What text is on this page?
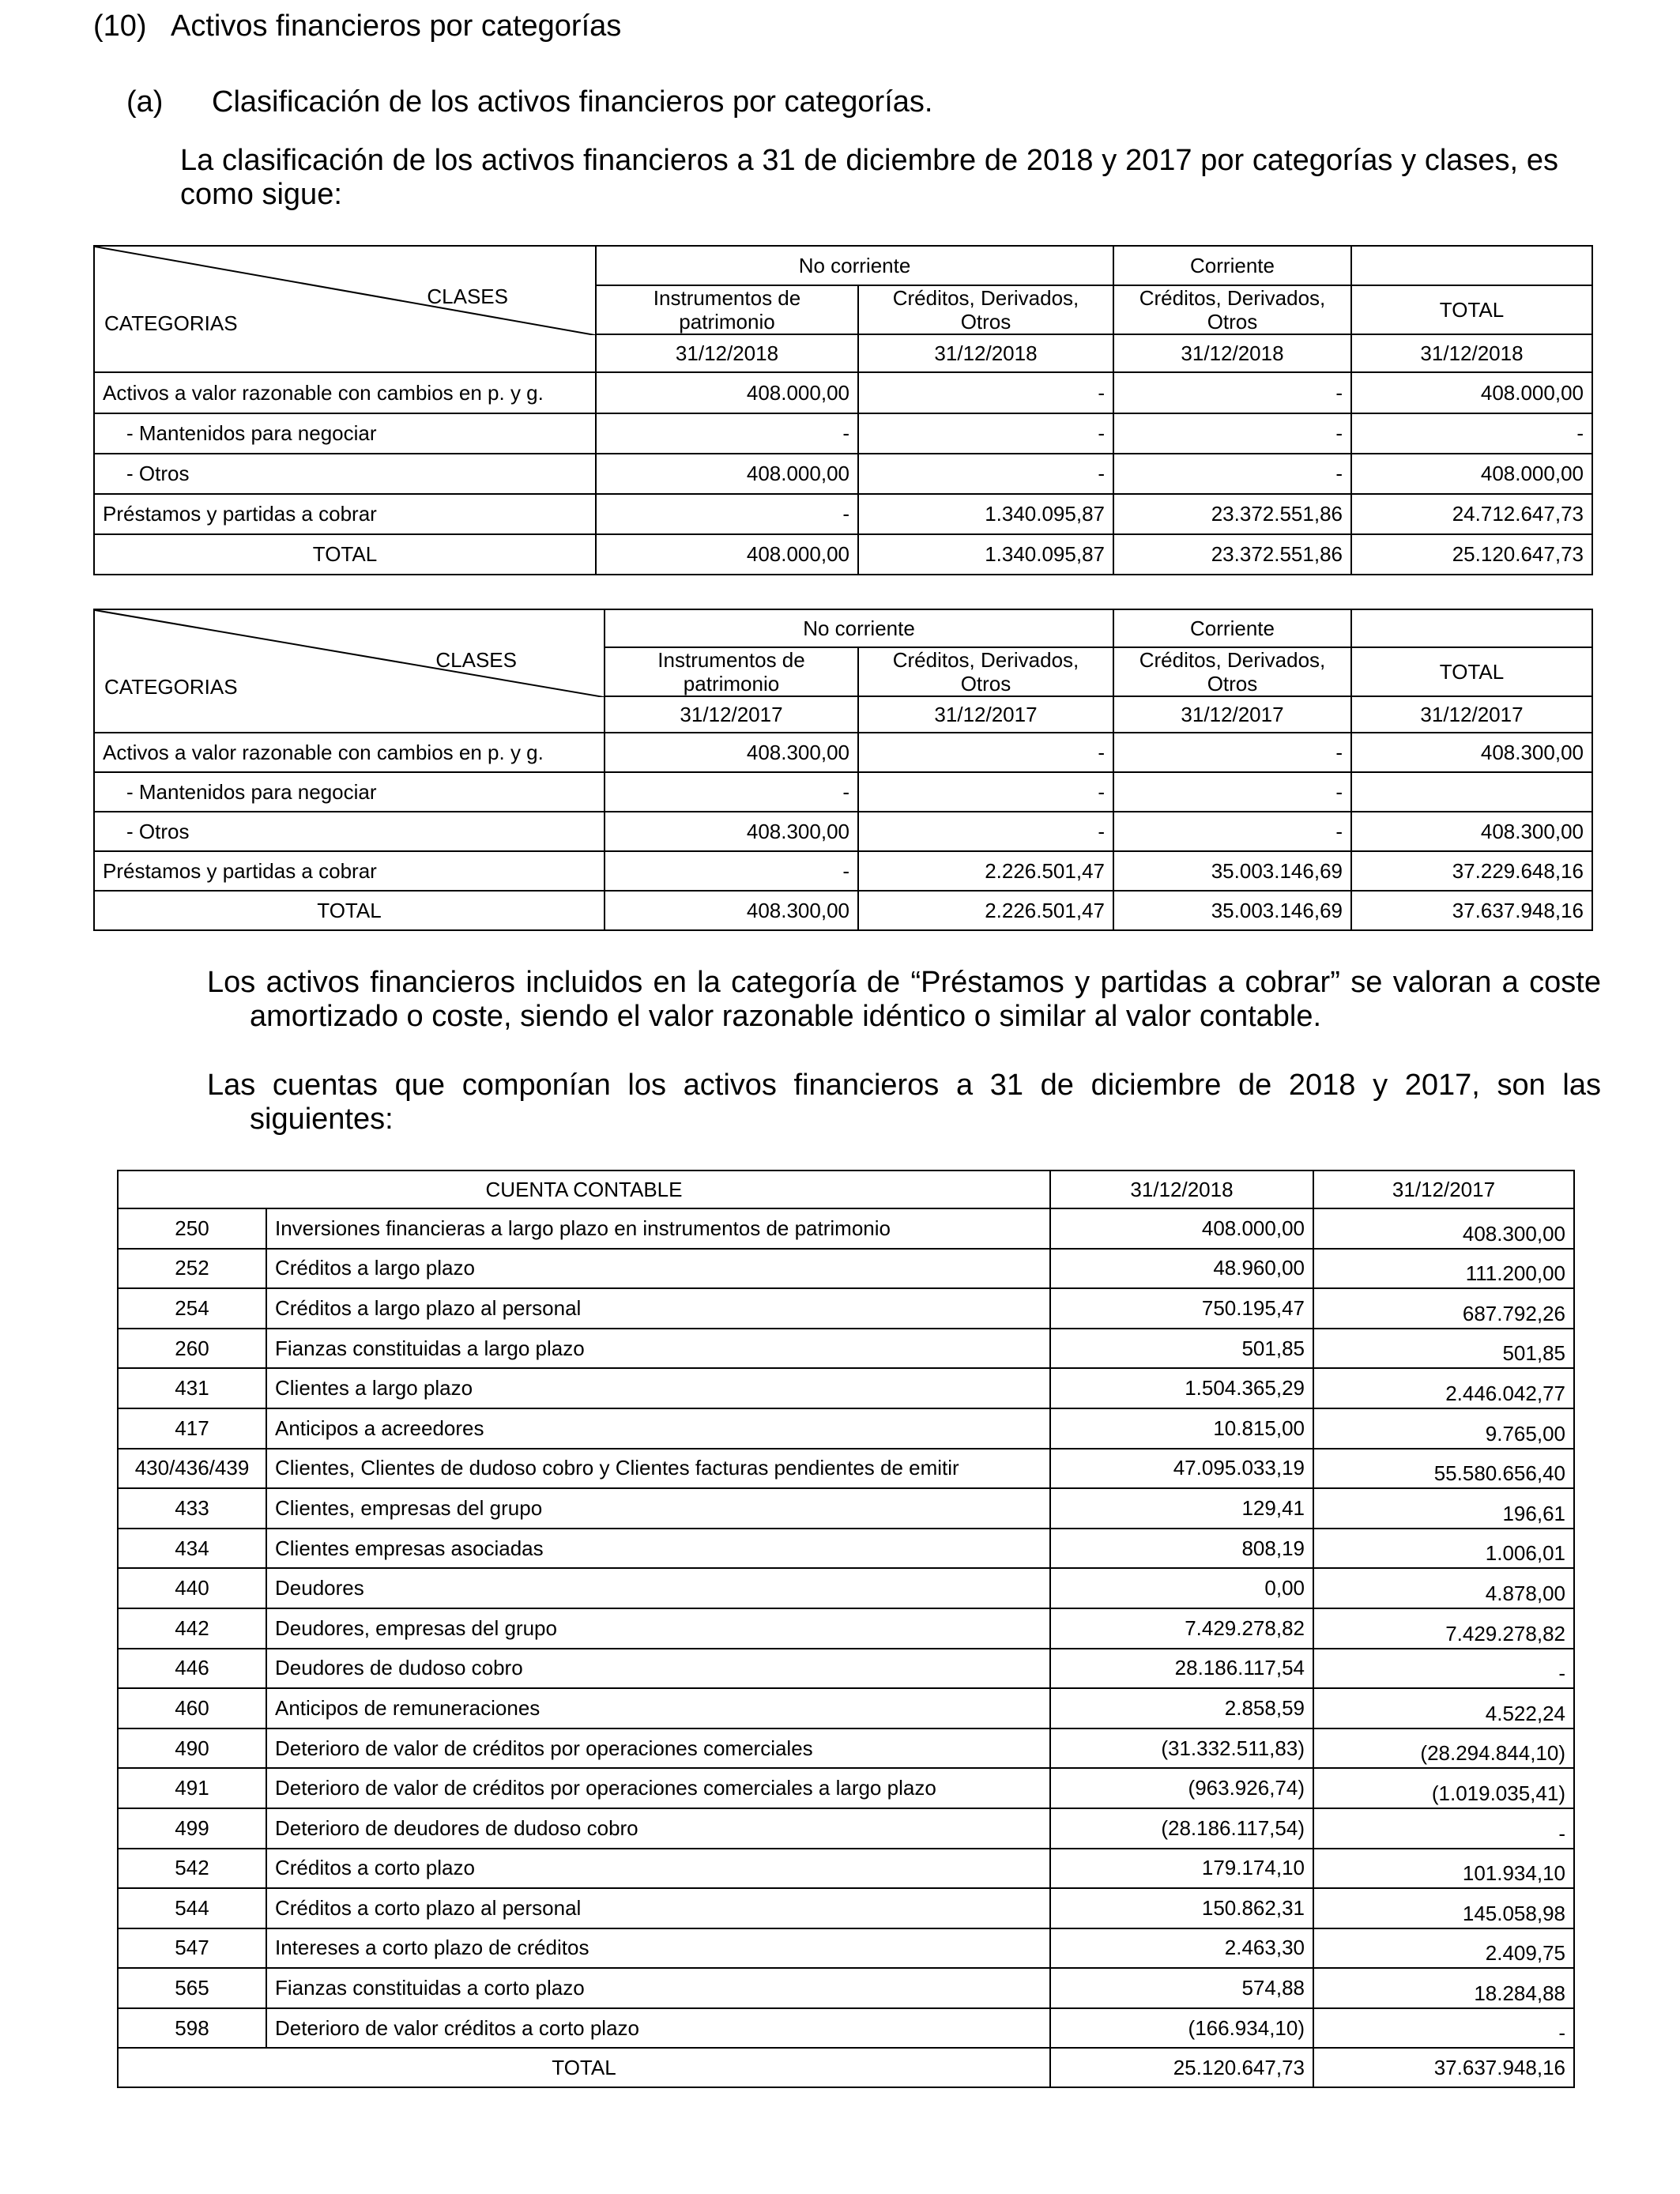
(10) Activos financieros por categorías
(a) Clasificación de los activos financieros por categorías.
La clasificación de los activos financieros a 31 de diciembre de 2018 y 2017 por categorías y clases, es como sigue:
CLASES
CATEGORIAS	No corriente		Corriente	
	Instrumentos de patrimonio	Créditos, Derivados, Otros	Créditos, Derivados, Otros	TOTAL
	31/12/2018	31/12/2018	31/12/2018	31/12/2018
Activos a valor razonable con cambios en p. y g.	408.000,00	-	-	408.000,00
- Mantenidos para negociar	-	-	-	-
- Otros	408.000,00	-	-	408.000,00
Préstamos y partidas a cobrar	-	1.340.095,87	23.372.551,86	24.712.647,73
TOTAL	408.000,00	1.340.095,87	23.372.551,86	25.120.647,73
CLASES
CATEGORIAS	No corriente		Corriente	
	Instrumentos de patrimonio	Créditos, Derivados, Otros	Créditos, Derivados, Otros	TOTAL
	31/12/2017	31/12/2017	31/12/2017	31/12/2017
Activos a valor razonable con cambios en p. y g.	408.300,00	-	-	408.300,00
- Mantenidos para negociar	-	-	-	
- Otros	408.300,00	-	-	408.300,00
Préstamos y partidas a cobrar	-	2.226.501,47	35.003.146,69	37.229.648,16
TOTAL	408.300,00	2.226.501,47	35.003.146,69	37.637.948,16
Los activos financieros incluidos en la categoría de “Préstamos y partidas a cobrar” se valoran a coste amortizado o coste, siendo el valor razonable idéntico o similar al valor contable.
Las cuentas que componían los activos financieros a 31 de diciembre de 2018 y 2017, son las siguientes:
CUENTA CONTABLE		31/12/2018	31/12/2017
250	Inversiones financieras a largo plazo en instrumentos de patrimonio	408.000,00	408.300,00
252	Créditos a largo plazo	48.960,00	111.200,00
254	Créditos a largo plazo al personal	750.195,47	687.792,26
260	Fianzas constituidas a largo plazo	501,85	501,85
431	Clientes a largo plazo	1.504.365,29	2.446.042,77
417	Anticipos a acreedores	10.815,00	9.765,00
430/436/439	Clientes, Clientes de dudoso cobro y Clientes facturas pendientes de emitir	47.095.033,19	55.580.656,40
433	Clientes, empresas del grupo	129,41	196,61
434	Clientes empresas asociadas	808,19	1.006,01
440	Deudores	0,00	4.878,00
442	Deudores, empresas del grupo	7.429.278,82	7.429.278,82
446	Deudores de dudoso cobro	28.186.117,54	-
460	Anticipos de remuneraciones	2.858,59	4.522,24
490	Deterioro de valor de créditos por operaciones comerciales	(31.332.511,83)	(28.294.844,10)
491	Deterioro de valor de créditos por operaciones comerciales a largo plazo	(963.926,74)	(1.019.035,41)
499	Deterioro de deudores de dudoso cobro	(28.186.117,54)	-
542	Créditos a corto plazo	179.174,10	101.934,10
544	Créditos a corto plazo al personal	150.862,31	145.058,98
547	Intereses a corto plazo de créditos	2.463,30	2.409,75
565	Fianzas constituidas a corto plazo	574,88	18.284,88
598	Deterioro de valor créditos a corto plazo	(166.934,10)	-
TOTAL		25.120.647,73	37.637.948,16
